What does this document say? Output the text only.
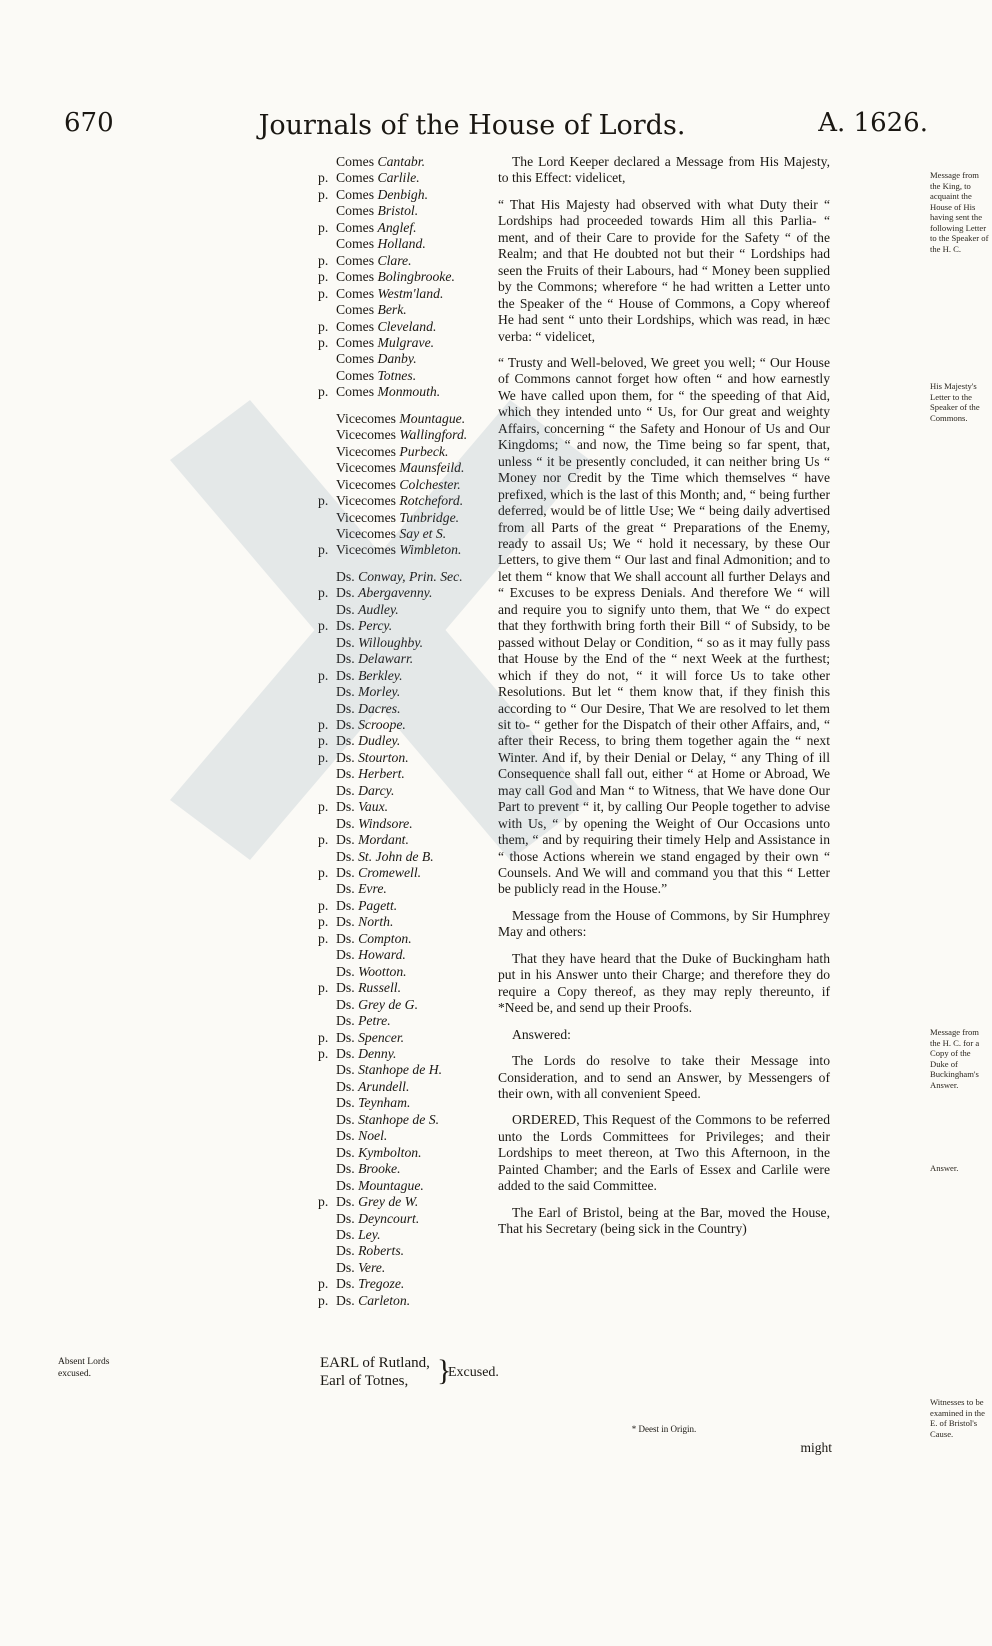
670	Journals of the House of Lords.	A. 1626.
Comes Cantabr.
p. Comes Carlile.
p. Comes Denbigh.
Comes Bristol.
p. Comes Anglef.
Comes Holland.
p. Comes Clare.
p. Comes Bolingbrooke.
p. Comes Westm'land.
Comes Berk.
p. Comes Cleveland.
p. Comes Mulgrave.
Comes Danby.
Comes Totnes.
p. Comes Monmouth.
Vicecomes Mountague.
Vicecomes Wallingford.
Vicecomes Purbeck.
Vicecomes Maunsfeild.
Vicecomes Colchester.
p. Vicecomes Rotcheford.
Vicecomes Tunbridge.
Vicecomes Say et S.
p. Vicecomes Wimbleton.
Ds. Conway, Prin. Sec.
p. Ds. Abergavenny.
Ds. Audley.
p. Ds. Percy.
Ds. Willoughby.
Ds. Delawarr.
p. Ds. Berkley.
Ds. Morley.
Ds. Dacres.
p. Ds. Scroope.
p. Ds. Dudley.
p. Ds. Stourton.
Ds. Herbert.
Ds. Darcy.
p. Ds. Vaux.
Ds. Windsore.
p. Ds. Mordant.
Ds. St. John de B.
p. Ds. Cromewell.
Ds. Evre.
p. Ds. Pagett.
p. Ds. North.
p. Ds. Compton.
Ds. Howard.
Ds. Wootton.
p. Ds. Russell.
Ds. Grey de G.
Ds. Petre.
p. Ds. Spencer.
p. Ds. Denny.
Ds. Stanhope de H.
Ds. Arundell.
Ds. Teynham.
Ds. Stanhope de S.
Ds. Noel.
Ds. Kymbolton.
Ds. Brooke.
Ds. Mountague.
p. Ds. Grey de W.
Ds. Deyncourt.
Ds. Ley.
Ds. Roberts.
Ds. Vere.
p. Ds. Tregoze.
p. Ds. Carleton.

The Lord Keeper declared a Message from His Majesty, to this Effect: videlicet,

“ That His Majesty had observed with what Duty their “ Lordships had proceeded towards Him all this Parlia- “ ment, and of their Care to provide for the Safety “ of the Realm; and that He doubted not but their “ Lordships had seen the Fruits of their Labours, had “ Money been supplied by the Commons; wherefore “ he had written a Letter unto the Speaker of the “ House of Commons, a Copy whereof He had sent “ unto their Lordships, which was read, in hæc verba: “ videlicet,

“ Trusty and Well-beloved, We greet you well; “ Our House of Commons cannot forget how often “ and how earnestly We have called upon them, for “ the speeding of that Aid, which they intended unto “ Us, for Our great and weighty Affairs, concerning “ the Safety and Honour of Us and Our Kingdoms; “ and now, the Time being so far spent, that, unless “ it be presently concluded, it can neither bring Us “ Money nor Credit by the Time which themselves “ have prefixed, which is the last of this Month; and, “ being further deferred, would be of little Use; We “ being daily advertised from all Parts of the great “ Preparations of the Enemy, ready to assail Us; We “ hold it necessary, by these Our Letters, to give them “ Our last and final Admonition; and to let them “ know that We shall account all further Delays and “ Excuses to be express Denials. And therefore We “ will and require you to signify unto them, that We “ do expect that they forthwith bring forth their Bill “ of Subsidy, to be passed without Delay or Condition, “ so as it may fully pass that House by the End of the “ next Week at the furthest; which if they do not, “ it will force Us to take other Resolutions. But let “ them know that, if they finish this according to “ Our Desire, That We are resolved to let them sit to- “ gether for the Dispatch of their other Affairs, and, “ after their Recess, to bring them together again the “ next Winter. And if, by their Denial or Delay, “ any Thing of ill Consequence shall fall out, either “ at Home or Abroad, We may call God and Man “ to Witness, that We have done Our Part to prevent “ it, by calling Our People together to advise with Us, “ by opening the Weight of Our Occasions unto them, “ and by requiring their timely Help and Assistance in “ those Actions wherein we stand engaged by their own “ Counsels. And We will and command you that this “ Letter be publicly read in the House.”

Message from the House of Commons, by Sir Humphrey May and others:

That they have heard that the Duke of Buckingham hath put in his Answer unto their Charge; and therefore they do require a Copy thereof, as they may reply thereunto, if *Need be, and send up their Proofs.

Answered:

The Lords do resolve to take their Message into Consideration, and to send an Answer, by Messengers of their own, with all convenient Speed.

ORDERED, This Request of the Commons to be referred unto the Lords Committees for Privileges; and their Lordships to meet thereon, at Two this Afternoon, in the Painted Chamber; and the Earls of Essex and Carlile were added to the said Committee.

The Earl of Bristol, being at the Bar, moved the House, That his Secretary (being sick in the Country)

Message from the King, to acquaint the House of His having sent the following Letter to the Speaker of the H. C.
His Majesty's Letter to the Speaker of the Commons.
Message from the H. C. for a Copy of the Duke of Buckingham's Answer.
Answer.
Witnesses to be examined in the E. of Bristol's Cause.
Absent Lords excused.
EARL of Rutland,
Earl of Totnes, }
Excused.
* Deest in Origin.
might
